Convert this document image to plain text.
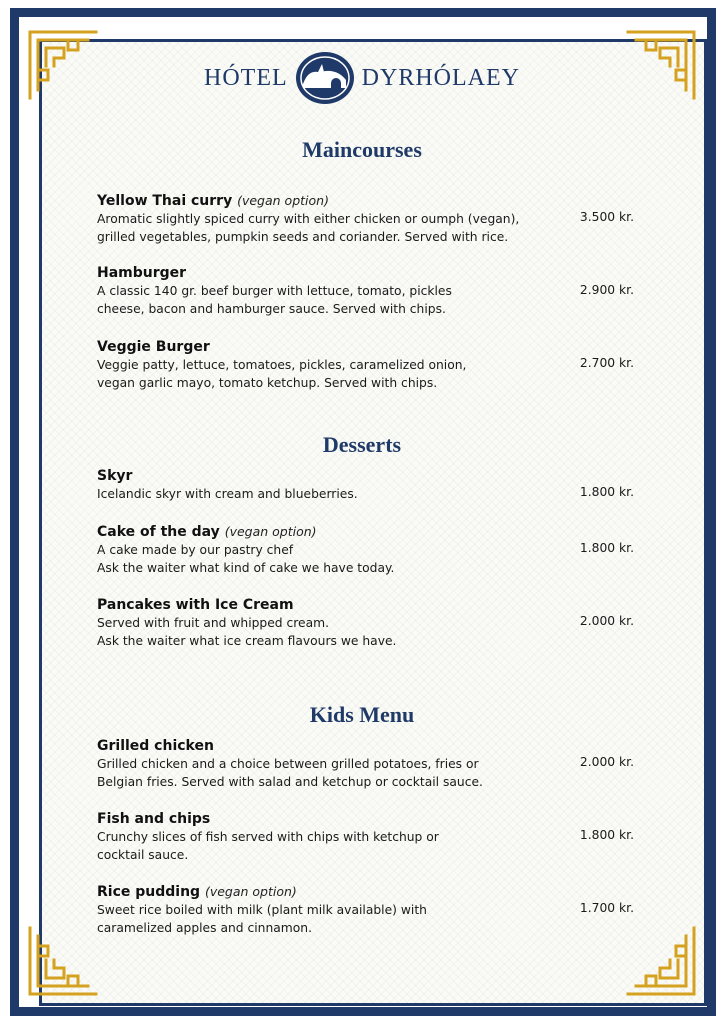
HÓTEL	DYRHÓLAEY
Maincourses
Yellow Thai curry (vegan option)
Aromatic slightly spiced curry with either chicken or oumph (vegan),
grilled vegetables, pumpkin seeds and coriander. Served with rice.
3.500 kr.
Hamburger
A classic 140 gr. beef burger with lettuce, tomato, pickles
cheese, bacon and hamburger sauce. Served with chips.
2.900 kr.
Veggie Burger
Veggie patty, lettuce, tomatoes, pickles, caramelized onion,
vegan garlic mayo, tomato ketchup. Served with chips.
2.700 kr.
Desserts
Skyr
Icelandic skyr with cream and blueberries.	1.800 kr.
Cake of the day (vegan option)
A cake made by our pastry chef
Ask the waiter what kind of cake we have today.
1.800 kr.
Pancakes with Ice Cream
Served with fruit and whipped cream.
Ask the waiter what ice cream flavours we have.
2.000 kr.
Kids Menu
Grilled chicken
Grilled chicken and a choice between grilled potatoes, fries or
Belgian fries. Served with salad and ketchup or cocktail sauce.
2.000 kr.
Fish and chips
Crunchy slices of fish served with chips with ketchup or
cocktail sauce.
1.800 kr.
Rice pudding (vegan option)
Sweet rice boiled with milk (plant milk available) with
caramelized apples and cinnamon.
1.700 kr.
